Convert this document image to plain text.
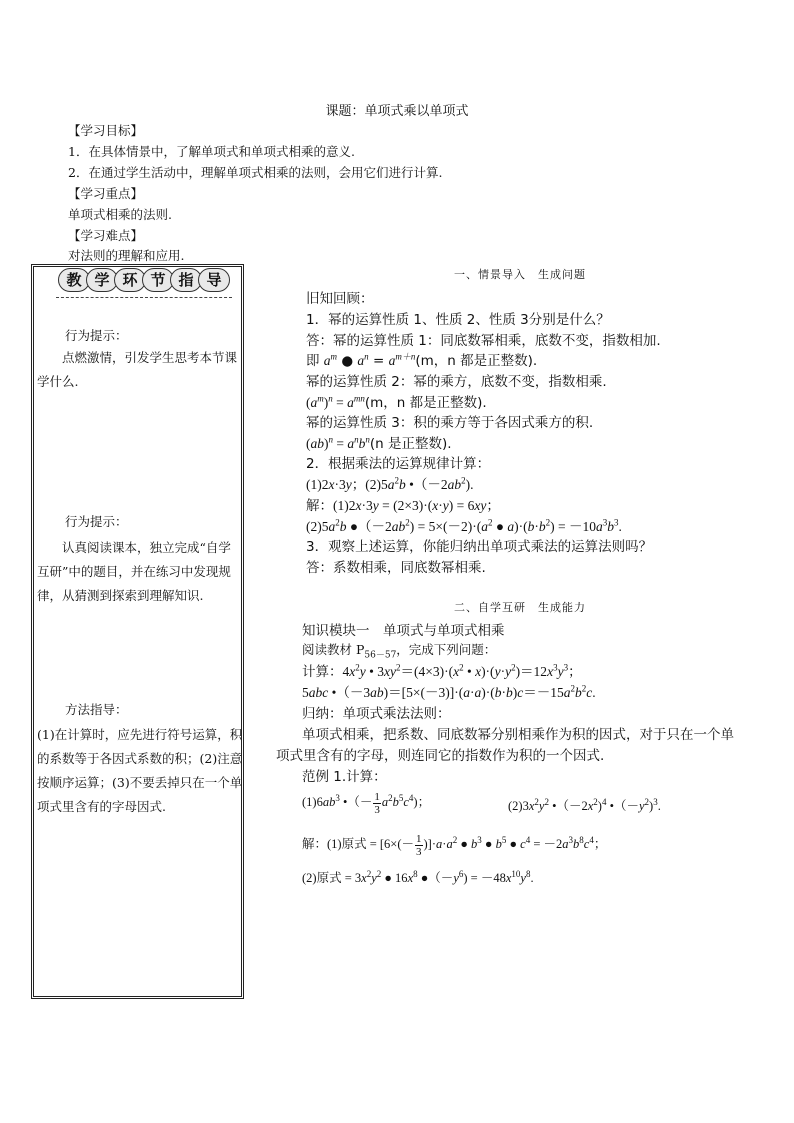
课题：单项式乘以单项式
【学习目标】
1．在具体情景中，了解单项式和单项式相乘的意义.
2．在通过学生活动中，理解单项式相乘的法则，会用它们进行计算.
【学习重点】
单项式相乘的法则.
【学习难点】
对法则的理解和应用.
教 学 环 节 指 导
行为提示：
点燃激情，引发学生思考本节课学什么.
行为提示：
认真阅读课本，独立完成“自学互研”中的题目，并在练习中发现规律，从猜测到探索到理解知识.
方法指导：
(1)在计算时，应先进行符号运算，积的系数等于各因式系数的积；(2)注意按顺序运算；(3)不要丢掉只在一个单项式里含有的字母因式.
一、情景导入　生成问题
旧知回顾：
1．幂的运算性质 1、性质 2、性质 3分别是什么？
答：幂的运算性质 1：同底数幂相乘，底数不变，指数相加.
即 $a^m$ ● $a^n = a^{m+n}(m$，n 都是正整数).
幂的运算性质 2：幂的乘方，底数不变，指数相乘.
$(a^m)^n = a^{mn}(m$，n 都是正整数).
幂的运算性质 3：积的乘方等于各因式乘方的积.
$(ab)^n = a^nb^n(n$ 是正整数).
2．根据乘法的运算规律计算：
(1)2x·3y；$(2)5a^2b$ $•(-2ab^2)$.
解：(1)2x·3y = (2×3)·(x·y) = 6xy；
$(2)5a^2b$ $●(-2ab^2) = 5\times(-2)\cdot(a^2$ ● $a)\cdot(b\cdot b^2) = -10a^3b^3$.
3．观察上述运算，你能归纳出单项式乘法的运算法则吗？
答：系数相乘，同底数幂相乘.
二、自学互研　生成能力
知识模块一　单项式与单项式相乘
阅读教材 $P_{56-57}$，完成下列问题：
计算：$4x^2y$ • $3xy^2=(4\times 3)\cdot(x^2$ • $x)\cdot(y\cdot y^2)=12x^3y^3$；
5abc $•(-3ab)=[5\times(-3)]\cdot(a\cdot a)\cdot(b\cdot b)c=-15a^2b^2c$.
归纳：单项式乘法法则：
单项式相乘，把系数、同底数幂分别相乘作为积的因式，对于只在一个单
项式里含有的字母，则连同它的指数作为积的一个因式.
范例 1.计算：
$(1)6ab^3$ •（－ $\frac{1}{3} a^2b^5c^4$)；	$(2)3x^2y^2$ $•(-2x^2)^4$ $•(-y^2)^3$.
解：(1)原式 = $[6\times(- \frac{1}{3} )]\cdot a\cdot a^2$ ● $b^3$ ● $b^5$ ● $c^4 = -2a^3b^8c^4$；
(2)原式 = $3x^2y^2$ ● $16x^8$ $●(-y^6) = -48x^{10}y^8$.
